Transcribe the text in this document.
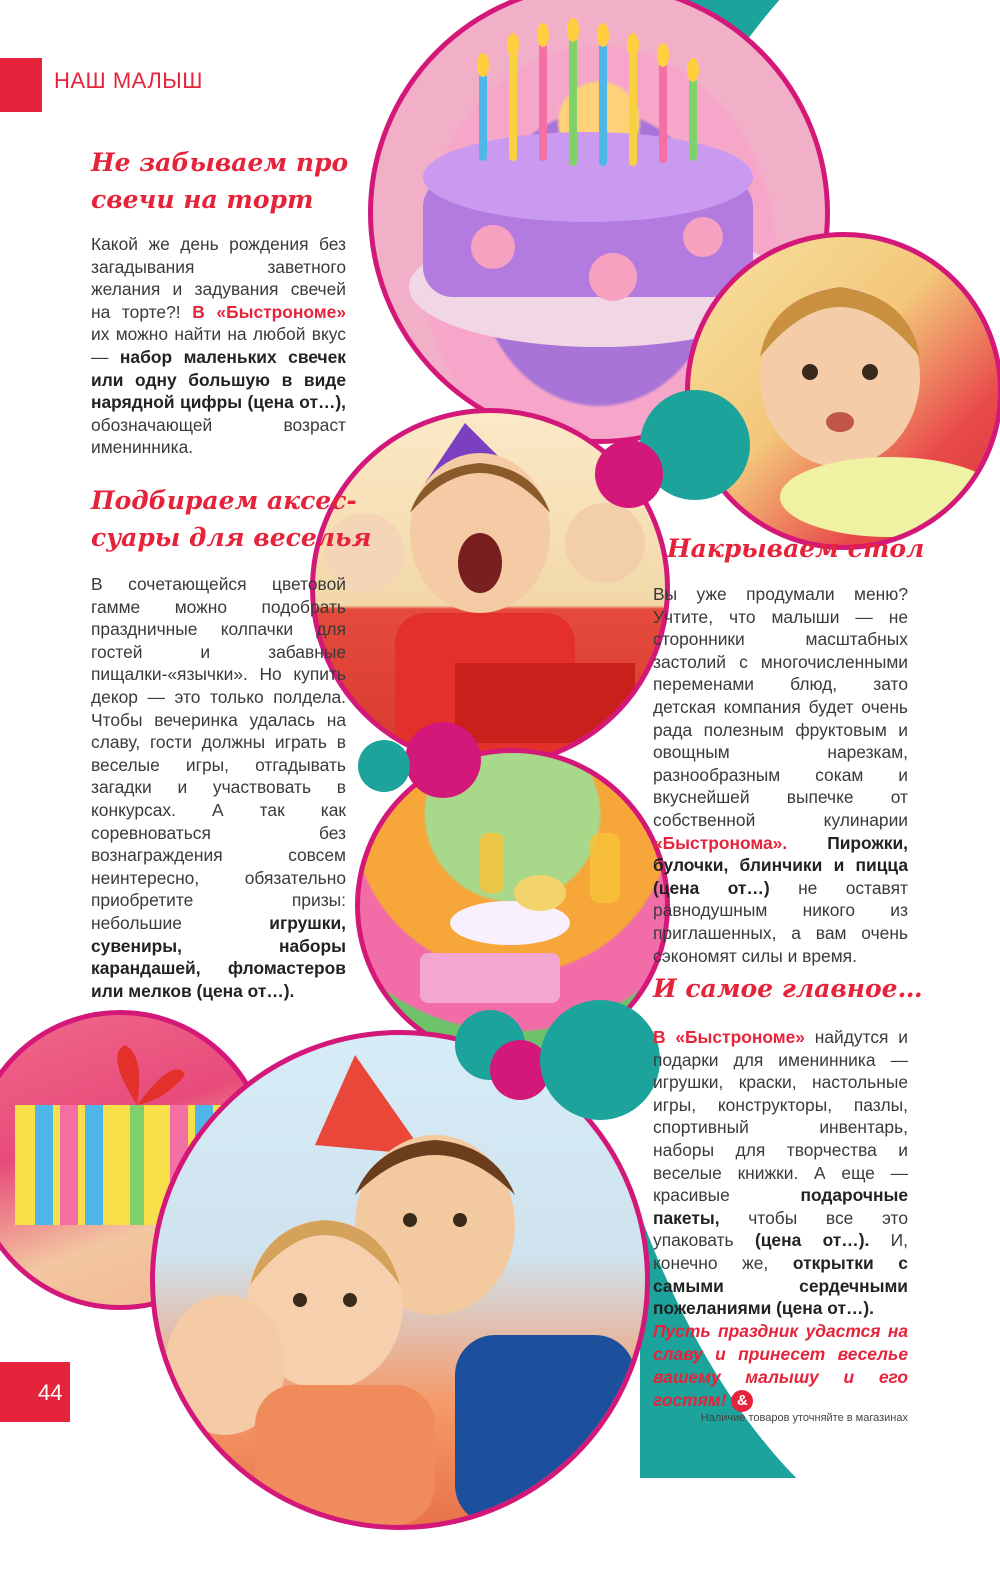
НАШ МАЛЫШ
Не забываем про
свечи на торт
Какой же день рождения без загадывания заветного желания и задувания свечей на торте?! В «Быстрономе» их можно найти на любой вкус — набор маленьких свечек или одну большую в виде нарядной цифры (цена от…), обозначающей возраст именинника.
Подбираем аксес-
суары для веселья
В сочетающейся цветовой гамме можно подобрать праздничные колпачки для гостей и забавные пищалки-«язычки». Но купить декор — это только полдела. Чтобы вечеринка удалась на славу, гости должны играть в веселые игры, отгадывать загадки и участвовать в конкурсах. А так как соревноваться без вознаграждения совсем неинтересно, обязательно приобретите призы: небольшие	игрушки, сувениры, наборы карандашей, фломастеров или мелков (цена от…).
Накрываем стол
Вы уже продумали меню? Учтите, что малыши — не сторонники масштабных застолий с многочисленными переменами блюд, зато детская компания будет очень рада полезным фруктовым и овощным нарезкам, разнообразным сокам и вкуснейшей выпечке от собственной кулинарии «Быстронома». Пирожки, булочки, блинчики и пицца (цена от…) не оставят равнодушным никого из приглашенных, а вам очень сэкономят силы и время.
И самое главное…
В «Быстрономе» найдутся и подарки для именинника — игрушки, краски, настольные игры, конструкторы, пазлы, спортивный инвентарь, наборы для творчества и веселые книжки. А еще — красивые	подарочные пакеты, чтобы все это упаковать (цена от…). И, конечно же, открытки с самыми сердечными пожеланиями (цена от…).
Пусть праздник удастся на славу и принесет веселье вашему малышу и его гостям! &
44
Наличие товаров уточняйте в магазинах
